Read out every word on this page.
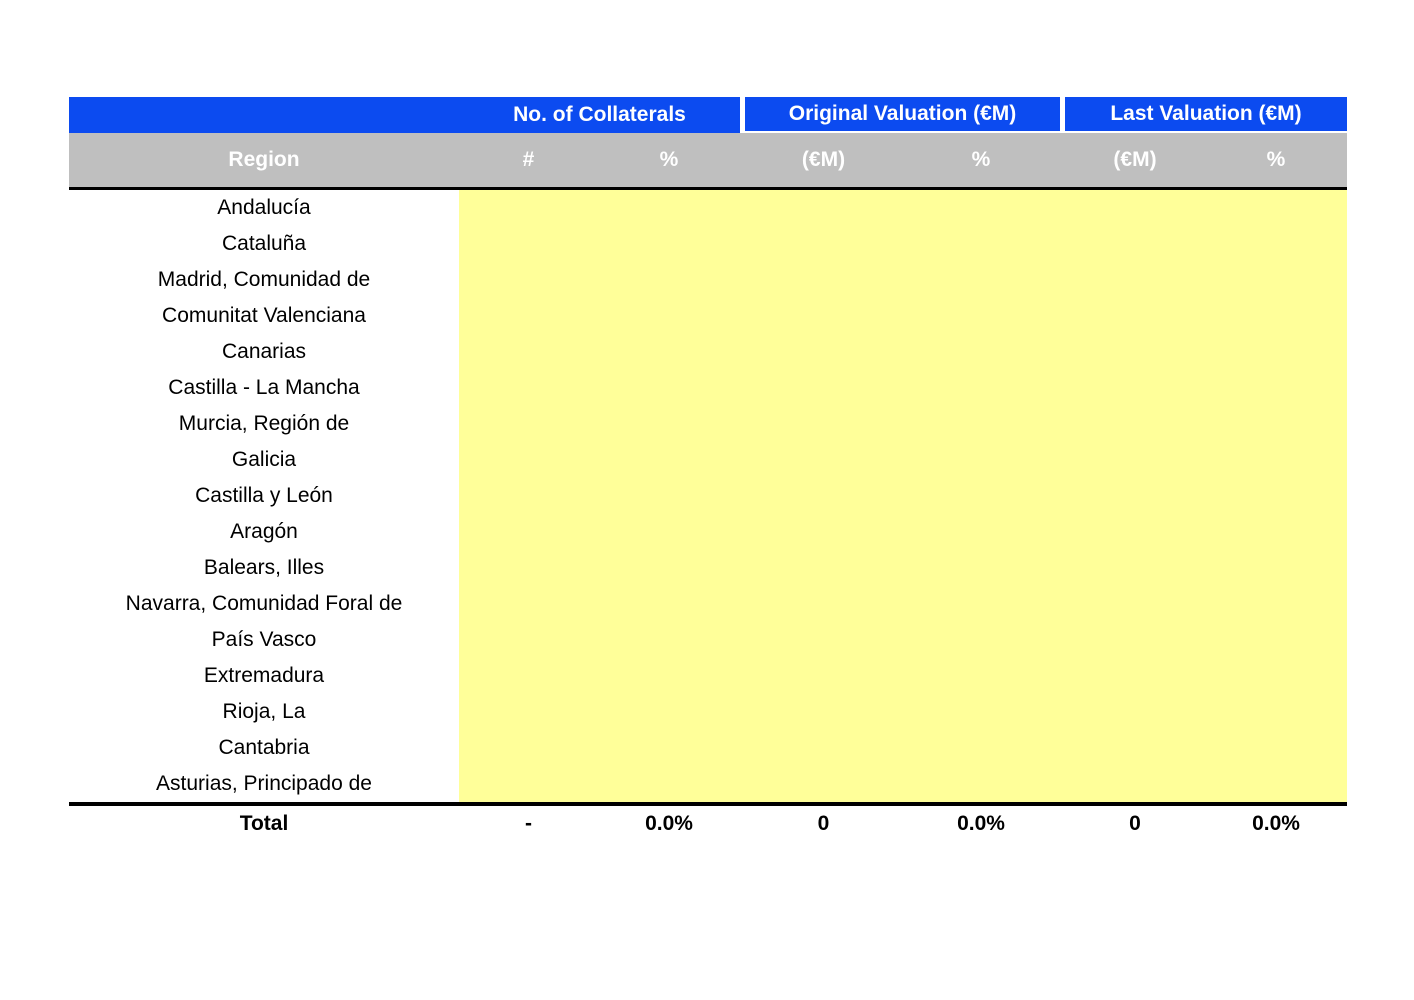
No. of Collaterals	Original Valuation (€M)	Last Valuation (€M)
Region	#	%	(€M)	%	(€M)	%
Andalucía
Cataluña
Madrid, Comunidad de
Comunitat Valenciana
Canarias
Castilla - La Mancha
Murcia, Región de
Galicia
Castilla y León
Aragón
Balears, Illes
Navarra, Comunidad Foral de
País Vasco
Extremadura
Rioja, La
Cantabria
Asturias, Principado de
Total	-	0.0%	0	0.0%	0	0.0%
